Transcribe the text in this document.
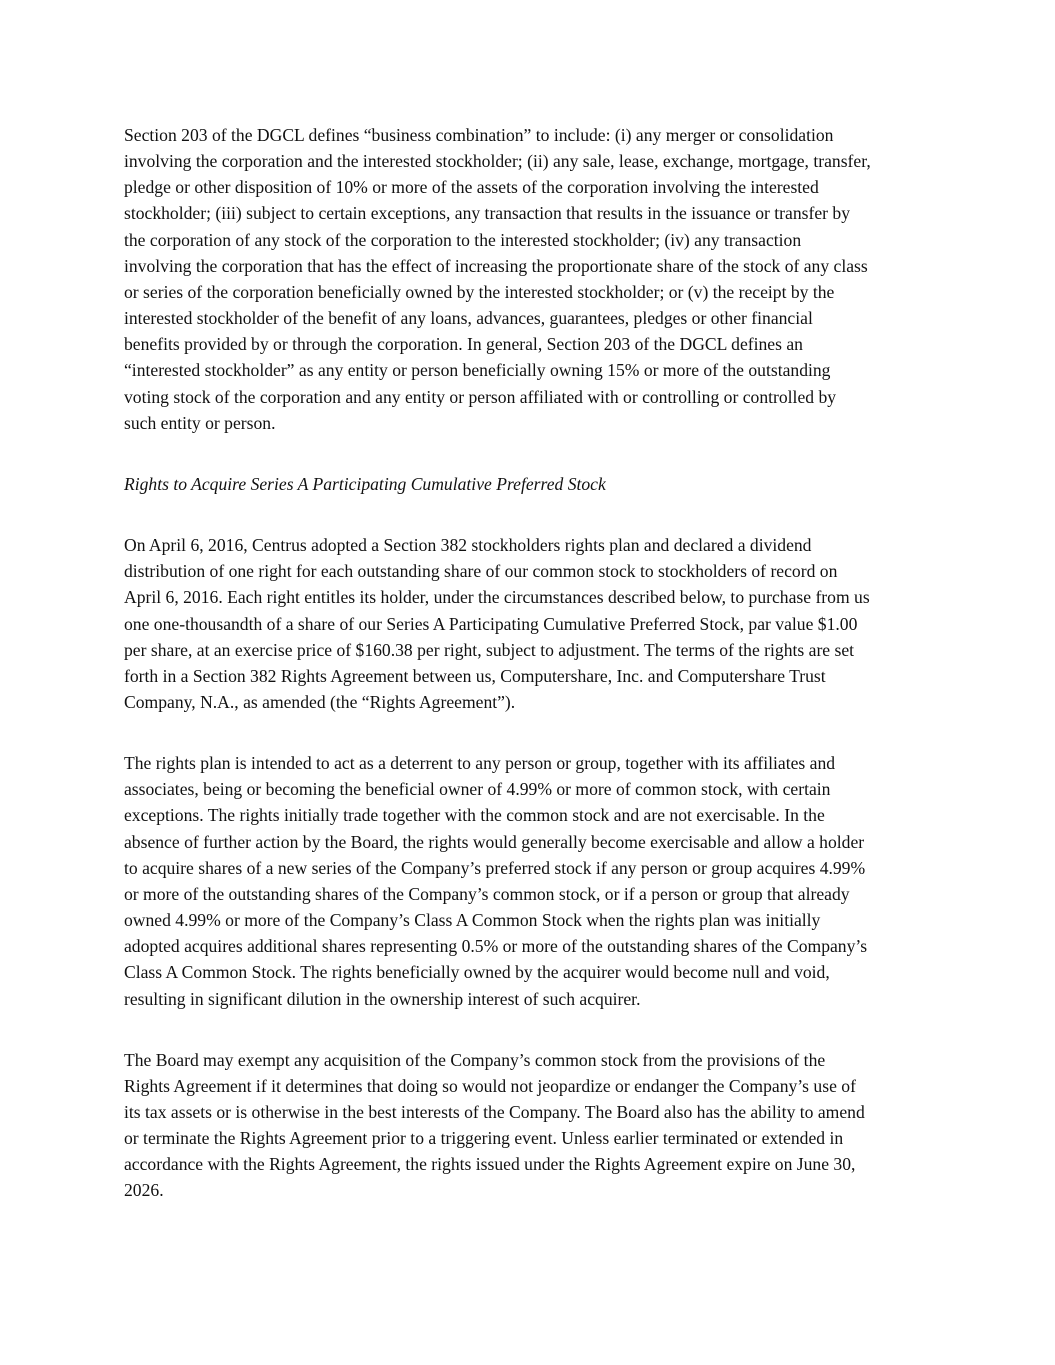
Section 203 of the DGCL defines “business combination” to include: (i) any merger or consolidation
involving the corporation and the interested stockholder; (ii) any sale, lease, exchange, mortgage, transfer,
pledge or other disposition of 10% or more of the assets of the corporation involving the interested
stockholder; (iii) subject to certain exceptions, any transaction that results in the issuance or transfer by
the corporation of any stock of the corporation to the interested stockholder; (iv) any transaction
involving the corporation that has the effect of increasing the proportionate share of the stock of any class
or series of the corporation beneficially owned by the interested stockholder; or (v) the receipt by the
interested stockholder of the benefit of any loans, advances, guarantees, pledges or other financial
benefits provided by or through the corporation. In general, Section 203 of the DGCL defines an
“interested stockholder” as any entity or person beneficially owning 15% or more of the outstanding
voting stock of the corporation and any entity or person affiliated with or controlling or controlled by
such entity or person.

Rights to Acquire Series A Participating Cumulative Preferred Stock

On April 6, 2016, Centrus adopted a Section 382 stockholders rights plan and declared a dividend
distribution of one right for each outstanding share of our common stock to stockholders of record on
April 6, 2016. Each right entitles its holder, under the circumstances described below, to purchase from us
one one-thousandth of a share of our Series A Participating Cumulative Preferred Stock, par value $1.00
per share, at an exercise price of $160.38 per right, subject to adjustment. The terms of the rights are set
forth in a Section 382 Rights Agreement between us, Computershare, Inc. and Computershare Trust
Company, N.A., as amended (the “Rights Agreement”).

The rights plan is intended to act as a deterrent to any person or group, together with its affiliates and
associates, being or becoming the beneficial owner of 4.99% or more of common stock, with certain
exceptions. The rights initially trade together with the common stock and are not exercisable. In the
absence of further action by the Board, the rights would generally become exercisable and allow a holder
to acquire shares of a new series of the Company’s preferred stock if any person or group acquires 4.99%
or more of the outstanding shares of the Company’s common stock, or if a person or group that already
owned 4.99% or more of the Company’s Class A Common Stock when the rights plan was initially
adopted acquires additional shares representing 0.5% or more of the outstanding shares of the Company’s
Class A Common Stock. The rights beneficially owned by the acquirer would become null and void,
resulting in significant dilution in the ownership interest of such acquirer.

The Board may exempt any acquisition of the Company’s common stock from the provisions of the
Rights Agreement if it determines that doing so would not jeopardize or endanger the Company’s use of
its tax assets or is otherwise in the best interests of the Company. The Board also has the ability to amend
or terminate the Rights Agreement prior to a triggering event. Unless earlier terminated or extended in
accordance with the Rights Agreement, the rights issued under the Rights Agreement expire on June 30,
2026.
